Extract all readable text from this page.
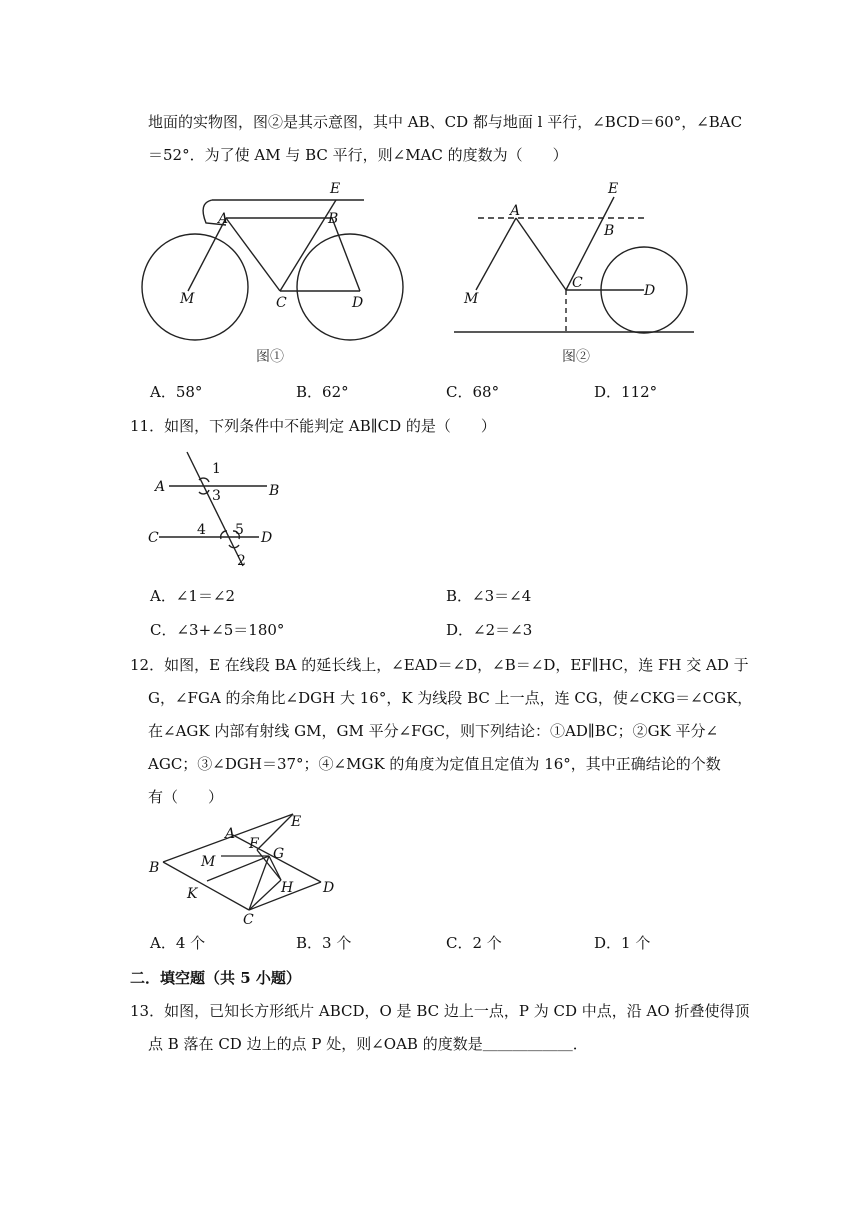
地面的实物图，图②是其示意图，其中 AB、CD 都与地面 l 平行，∠BCD＝60°，∠BAC
＝52°．为了使 AM 与 BC 平行，则∠MAC 的度数为（　　）
E
A	B
M	C	D
图①
E
A
B
M
C	D
图②
A．58°	B．62°	C．68°	D．112°
11．如图，下列条件中不能判定 AB∥CD 的是（　　）
A	B
C	D
1
3
4 5
2
A．∠1＝∠2	B．∠3＝∠4
C．∠3+∠5＝180°	D．∠2＝∠3
12．如图，E 在线段 BA 的延长线上，∠EAD＝∠D，∠B＝∠D，EF∥HC，连 FH 交 AD 于
G，∠FGA 的余角比∠DGH 大 16°，K 为线段 BC 上一点，连 CG，使∠CKG＝∠CGK，
在∠AGK 内部有射线 GM，GM 平分∠FGC，则下列结论：①AD∥BC；②GK 平分∠
AGC；③∠DGH＝37°；④∠MGK 的角度为定值且定值为 16°，其中正确结论的个数
有（　　）
A
E
F
G
M
B
H
K	D
C
A．4 个	B．3 个	C．2 个	D．1 个
二．填空题（共 5 小题）
13．如图，已知长方形纸片 ABCD，O 是 BC 边上一点，P 为 CD 中点，沿 AO 折叠使得顶
点 B 落在 CD 边上的点 P 处，则∠OAB 的度数是＿＿＿＿＿＿．
